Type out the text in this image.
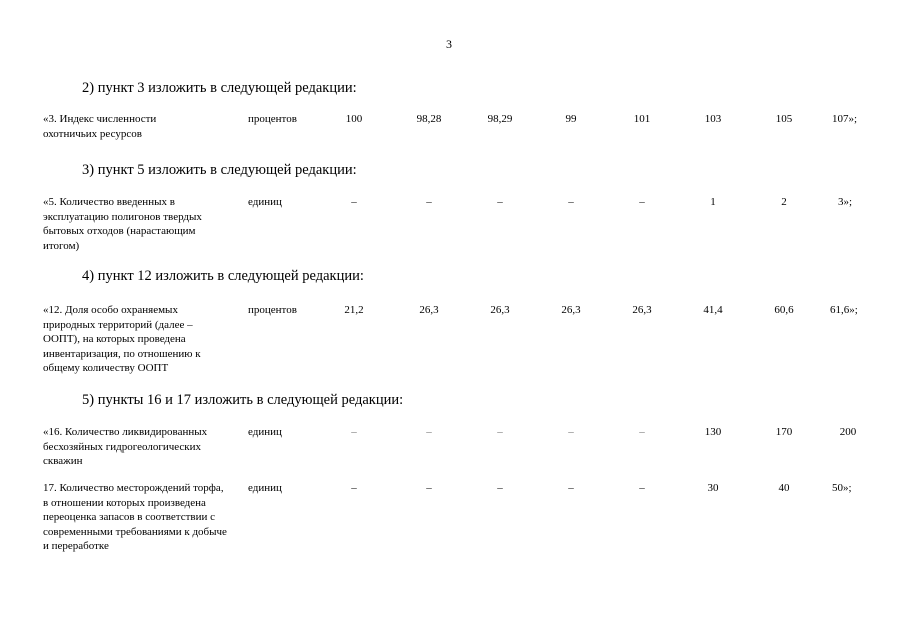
3
2) пункт 3 изложить в следующей редакции:
«3. Индекс численности охотничьих ресурсов
процентов	100	98,28	98,29	99	101	103	105	107»;
3) пункт 5 изложить в следующей редакции:
«5. Количество введенных в эксплуатацию полигонов твердых бытовых отходов (нарастающим итогом)
единиц	–	–	–	–	–	1	2	3»;
4) пункт 12 изложить в следующей редакции:
«12. Доля особо охраняемых природных территорий (далее – ООПТ), на которых проведена инвентаризация, по отношению к общему количеству ООПТ
процентов	21,2	26,3	26,3	26,3	26,3	41,4	60,6	61,6»;
5) пункты 16 и 17 изложить в следующей редакции:
«16. Количество ликвидированных бесхозяйных гидрогеологических скважин
единиц	–	–	–	–	–	130	170	200
17. Количество месторождений торфа, в отношении которых произведена переоценка запасов в соответствии с современными требованиями к добыче и переработке
единиц	–	–	–	–	–	30	40	50»;
